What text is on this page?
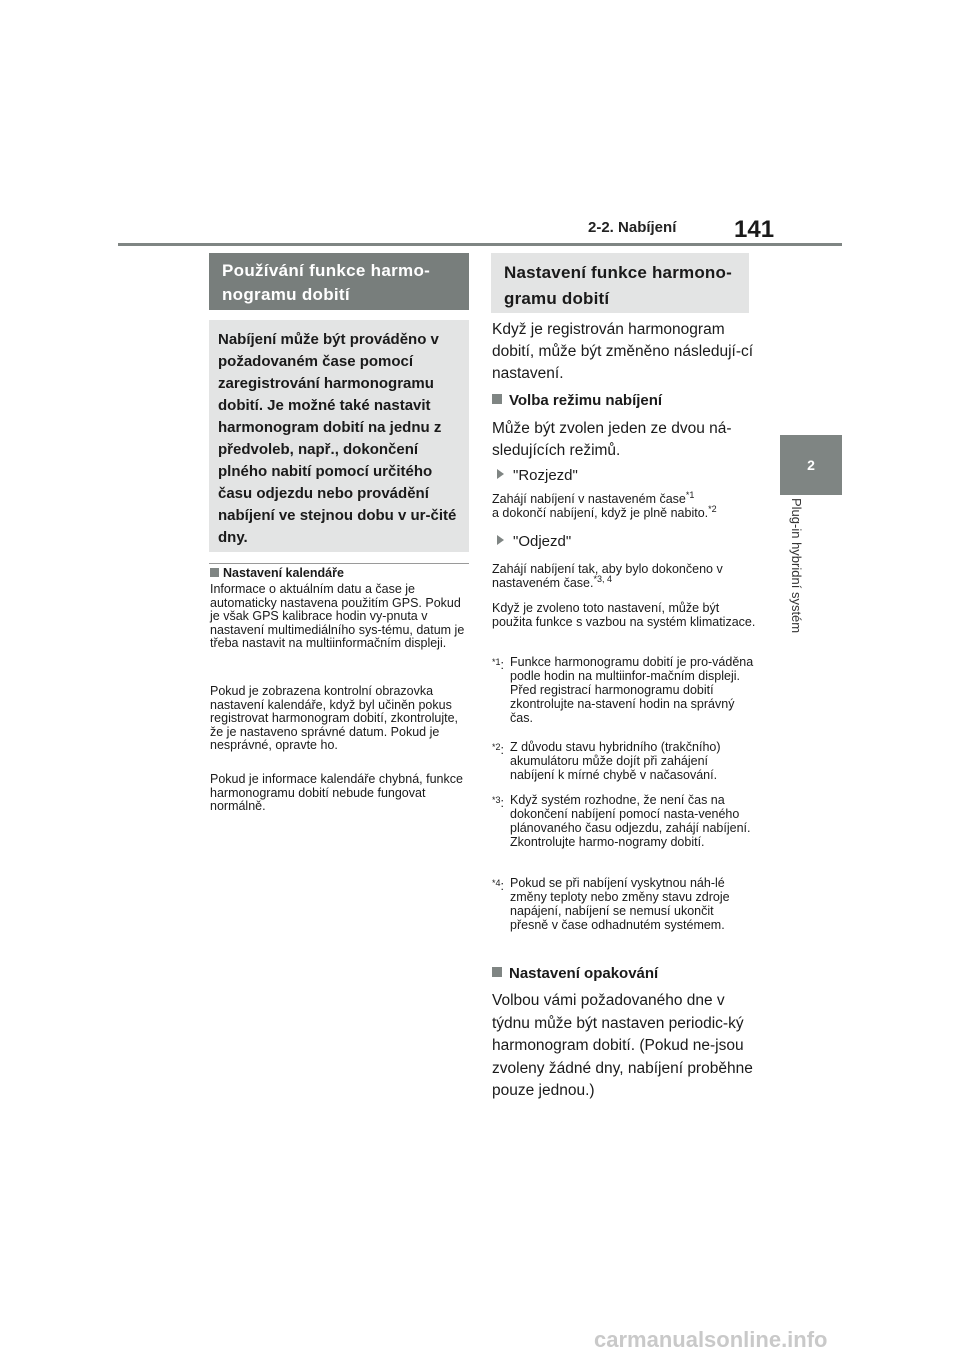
2-2. Nabíjení 141
2
Plug-in hybridní systém
Používání funkce harmo-nogramu dobití
Nabíjení může být prováděno v požadovaném čase pomocí zaregistrování harmonogramu dobití. Je možné také nastavit harmonogram dobití na jednu z předvoleb, např., dokončení plného nabití pomocí určitého času odjezdu nebo provádění nabíjení ve stejnou dobu v ur-čité dny.
Nastavení kalendáře
Informace o aktuálním datu a čase je automaticky nastavena použitím GPS. Pokud je však GPS kalibrace hodin vy-pnuta v nastavení multimediálního sys-tému, datum je třeba nastavit na multiinformačním displeji.
Pokud je zobrazena kontrolní obrazovka nastavení kalendáře, když byl učiněn pokus registrovat harmonogram dobití, zkontrolujte, že je nastaveno správné datum. Pokud je nesprávné, opravte ho.
Pokud je informace kalendáře chybná, funkce harmonogramu dobití nebude fungovat normálně.
Nastavení funkce harmono-gramu dobití
Když je registrován harmonogram dobití, může být změněno následují-cí nastavení.
Volba režimu nabíjení
Může být zvolen jeden ze dvou ná-sledujících režimů.
"Rozjezd"
Zahájí nabíjení v nastaveném čase$^{*1}$
a dokončí nabíjení, když je plně nabito.$^{*2}$
"Odjezd"
Zahájí nabíjení tak, aby bylo dokončeno v nastaveném čase.$^{*3, 4}$
Když je zvoleno toto nastavení, může být použita funkce s vazbou na systém klimatizace.
$^{*1}$: Funkce harmonogramu dobití je pro-váděna podle hodin na multiinfor-mačním displeji. Před registrací harmonogramu dobití zkontrolujte na-stavení hodin na správný čas.
$^{*2}$: Z důvodu stavu hybridního (trakčního) akumulátoru může dojít při zahájení nabíjení k mírné chybě v načasování.
$^{*3}$: Když systém rozhodne, že není čas na dokončení nabíjení pomocí nasta-veného plánovaného času odjezdu, zahájí nabíjení. Zkontrolujte harmo-nogramy dobití.
$^{*4}$: Pokud se při nabíjení vyskytnou náh-lé změny teploty nebo změny stavu zdroje napájení, nabíjení se nemusí ukončit přesně v čase odhadnutém systémem.
Nastavení opakování
Volbou vámi požadovaného dne v týdnu může být nastaven periodic-ký harmonogram dobití. (Pokud ne-jsou zvoleny žádné dny, nabíjení proběhne pouze jednou.)
carmanualsonline.info
